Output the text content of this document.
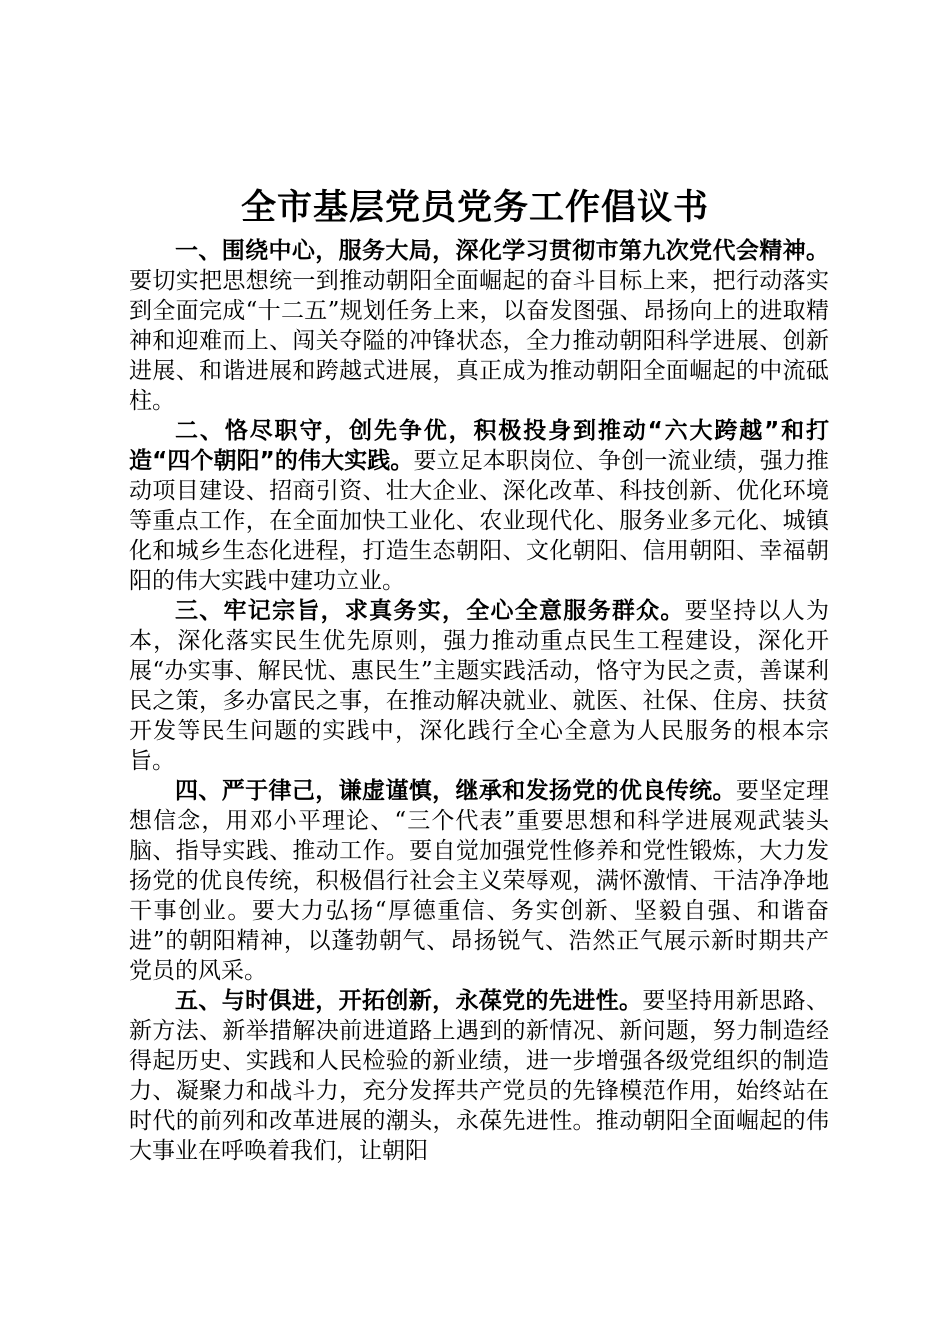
全市基层党员党务工作倡议书

一、围绕中心，服务大局，深化学习贯彻市第九次党代会精神。要切实把思想统一到推动朝阳全面崛起的奋斗目标上来，把行动落实到全面完成“十二五”规划任务上来，以奋发图强、昂扬向上的进取精神和迎难而上、闯关夺隘的冲锋状态，全力推动朝阳科学进展、创新进展、和谐进展和跨越式进展，真正成为推动朝阳全面崛起的中流砥柱。

二、恪尽职守，创先争优，积极投身到推动“六大跨越”和打造“四个朝阳”的伟大实践。要立足本职岗位、争创一流业绩，强力推动项目建设、招商引资、壮大企业、深化改革、科技创新、优化环境等重点工作，在全面加快工业化、农业现代化、服务业多元化、城镇化和城乡生态化进程，打造生态朝阳、文化朝阳、信用朝阳、幸福朝阳的伟大实践中建功立业。

三、牢记宗旨，求真务实，全心全意服务群众。要坚持以人为本，深化落实民生优先原则，强力推动重点民生工程建设，深化开展“办实事、解民忧、惠民生”主题实践活动，恪守为民之责，善谋利民之策，多办富民之事，在推动解决就业、就医、社保、住房、扶贫开发等民生问题的实践中，深化践行全心全意为人民服务的根本宗旨。

四、严于律己，谦虚谨慎，继承和发扬党的优良传统。要坚定理想信念，用邓小平理论、“三个代表”重要思想和科学进展观武装头脑、指导实践、推动工作。要自觉加强党性修养和党性锻炼，大力发扬党的优良传统，积极倡行社会主义荣辱观，满怀激情、干洁净净地干事创业。要大力弘扬“厚德重信、务实创新、坚毅自强、和谐奋进”的朝阳精神，以蓬勃朝气、昂扬锐气、浩然正气展示新时期共产党员的风采。

五、与时俱进，开拓创新，永葆党的先进性。要坚持用新思路、新方法、新举措解决前进道路上遇到的新情况、新问题，努力制造经得起历史、实践和人民检验的新业绩，进一步增强各级党组织的制造力、凝聚力和战斗力，充分发挥共产党员的先锋模范作用，始终站在时代的前列和改革进展的潮头，永葆先进性。推动朝阳全面崛起的伟大事业在呼唤着我们，让朝阳
